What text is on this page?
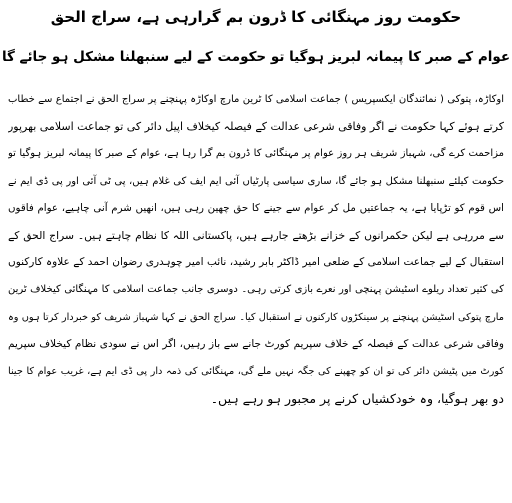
حکومت روز مہنگائی کا ڈرون بم گرارہی ہے، سراج الحق
عوام کے صبر کا پیمانہ لبریز ہوگیا تو حکومت کے لیے سنبھلنا مشکل ہو جائے گا
اوکاڑہ، پتوکی ( نمائندگان ایکسپریس ) جماعت اسلامی کا ٹرین مارچ اوکاڑہ پہنچنے پر سراج الحق نے اجتماع سے خطاب
کرتے ہوئے کہا حکومت نے اگر وفاقی شرعی عدالت کے فیصلہ کیخلاف اپیل دائر کی تو جماعت اسلامی بھرپور
مزاحمت کرے گی، شہباز شریف ہر روز عوام پر مہنگائی کا ڈرون بم گرا رہا ہے، عوام کے صبر کا پیمانہ لبریز ہوگیا تو
حکومت کیلئے سنبھلنا مشکل ہو جائے گا، ساری سیاسی پارٹیاں آئی ایم ایف کی غلام ہیں، پی ٹی آئی اور پی ڈی ایم نے
اس قوم کو تڑپایا ہے، یہ جماعتیں مل کر عوام سے جینے کا حق چھین رہی ہیں، انھیں شرم آنی چاہیے، عوام فاقوں
سے مررہی ہے لیکن حکمرانوں کے خزانے بڑھتے جارہے ہیں، پاکستانی اللہ کا نظام چاہتے ہیں۔ سراج الحق کے
استقبال کے لیے جماعت اسلامی کے ضلعی امیر ڈاکٹر بابر رشید، نائب امیر چوہدری رضوان احمد کے علاوہ کارکنوں
کی کثیر تعداد ریلوے اسٹیشن پہنچی اور نعرے بازی کرتی رہی۔ دوسری جانب جماعت اسلامی کا مہنگائی کیخلاف ٹرین
مارچ پتوکی اسٹیشن پہنچنے پر سینکڑوں کارکنوں نے استقبال کیا۔ سراج الحق نے کہا شہباز شریف کو خبردار کرتا ہوں وہ
وفاقی شرعی عدالت کے فیصلہ کے خلاف سپریم کورٹ جانے سے باز رہیں، اگر اس نے سودی نظام کیخلاف سپریم
کورٹ میں پٹیشن دائر کی تو ان کو چھپنے کی جگہ نہیں ملے گی، مہنگائی کی ذمہ دار پی ڈی ایم ہے، غریب عوام کا جینا
دو بھر ہوگیا، وہ خودکشیاں کرنے پر مجبور ہو رہے ہیں۔
